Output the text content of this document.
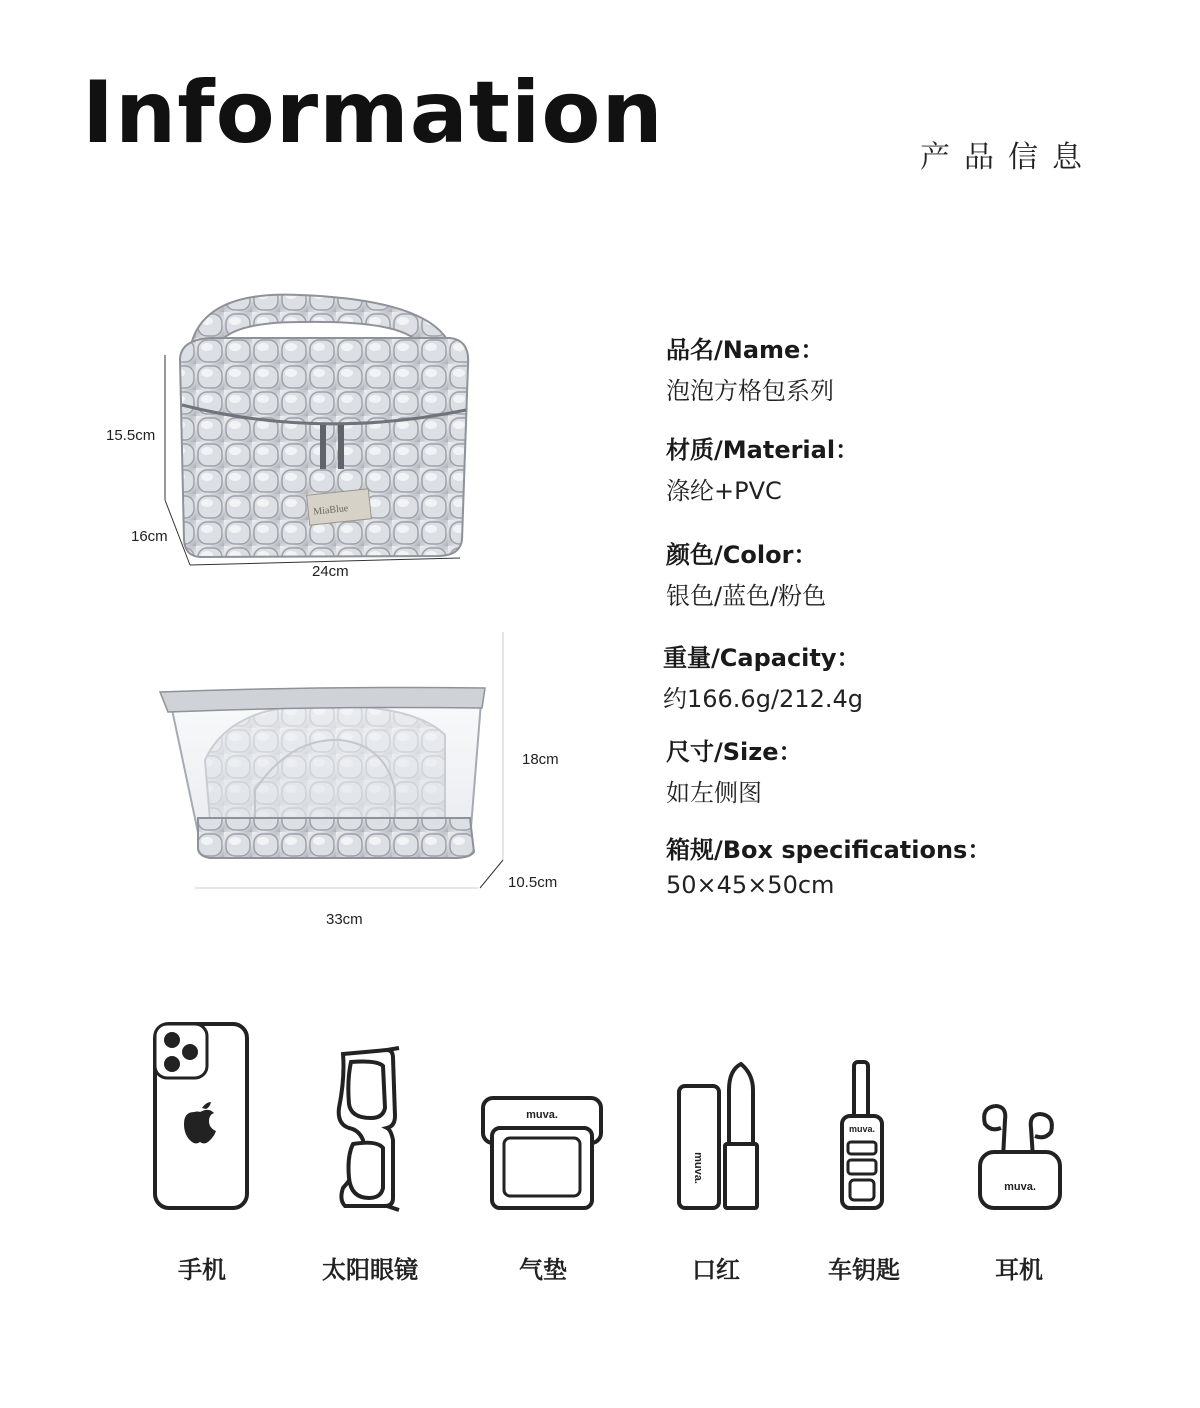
Information	产品信息
MiaBlue
15.5cm
16cm
24cm
18cm
10.5cm
33cm
品名/Name：
泡泡方格包系列
材质/Material：
涤纶+PVC
颜色/Color：
银色/蓝色/粉色
重量/Capacity：
约166.6g/212.4g
尺寸/Size：
如左侧图
箱规/Box specifications：
50×45×50cm
muva.
muva.
muva.
muva.
手机	太阳眼镜	气垫	口红	车钥匙	耳机
